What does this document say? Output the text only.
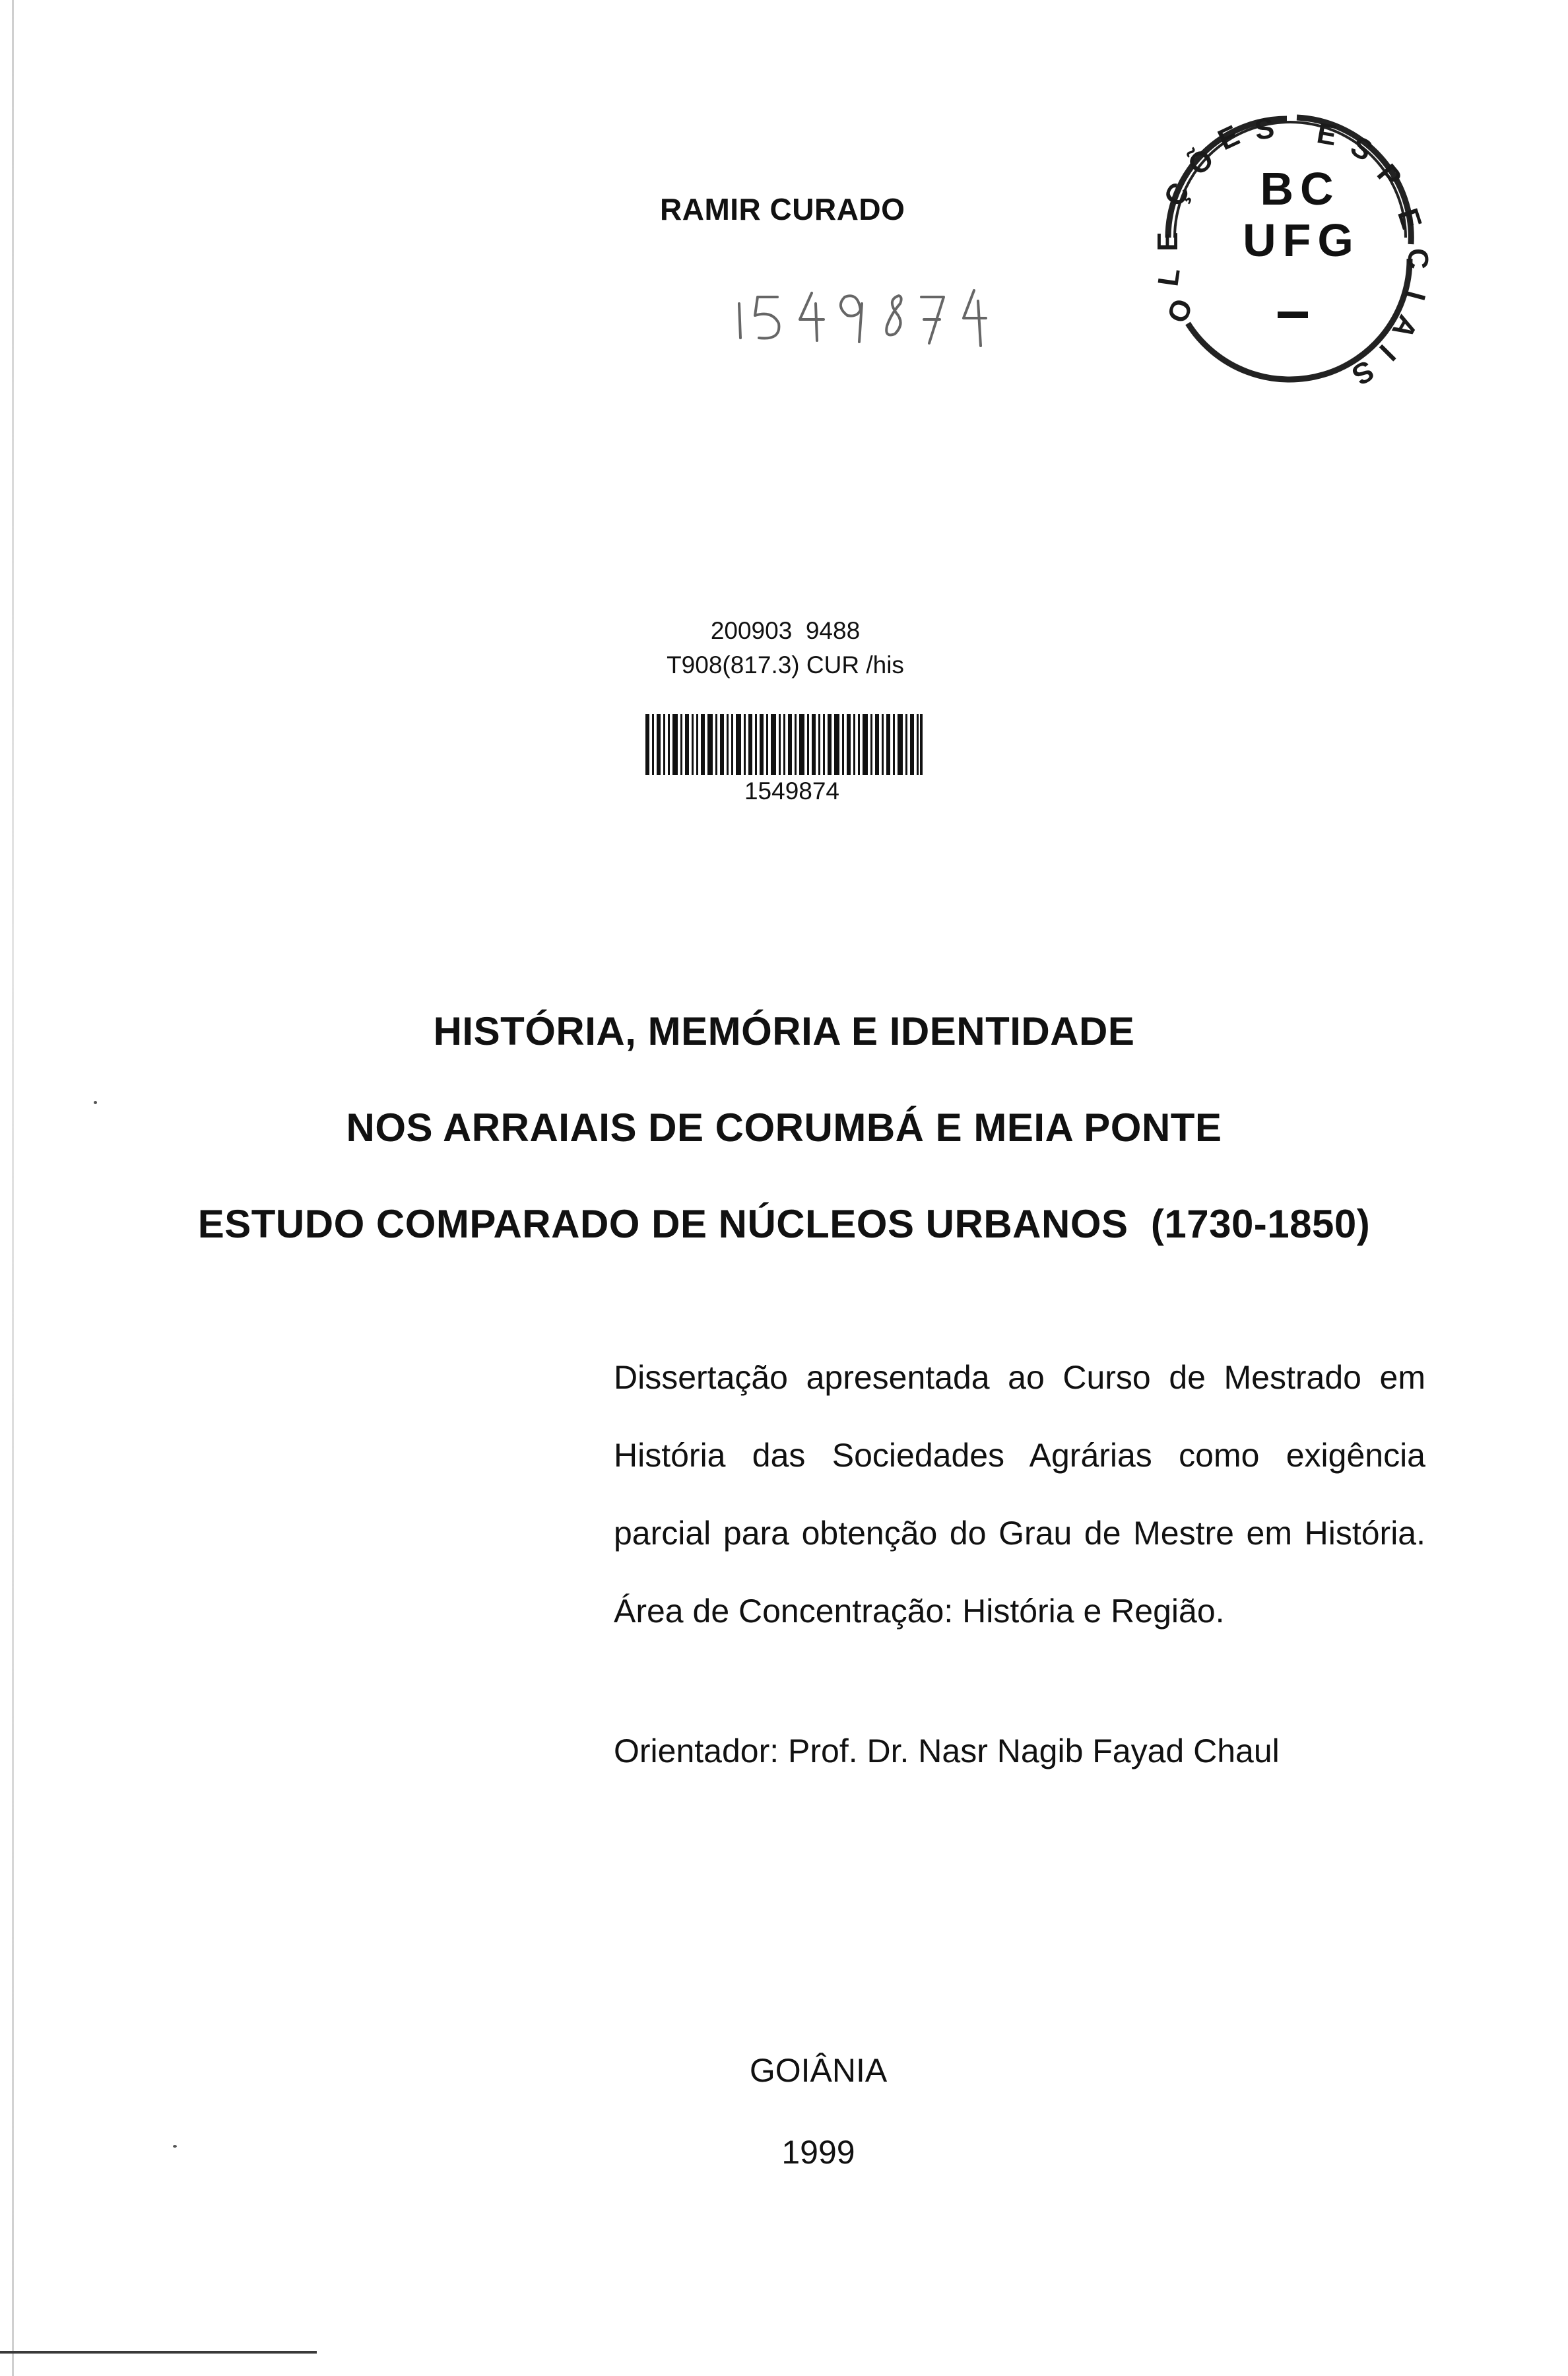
RAMIR CURADO
O
L
E
Ç
Õ
E S E S
P
E
C
I
A
I
S
BC
UFG
200903  9488
T908(817.3) CUR /his
1549874
HISTÓRIA, MEMÓRIA E IDENTIDADE
NOS ARRAIAIS DE CORUMBÁ E MEIA PONTE
ESTUDO COMPARADO DE NÚCLEOS URBANOS  (1730-1850)
Dissertação apresentada ao Curso de Mestrado em História das Sociedades Agrárias como exigência parcial para obtenção do Grau de Mestre em História. Área de Concentração: História e Região.
Orientador: Prof. Dr. Nasr Nagib Fayad Chaul
GOIÂNIA
1999
